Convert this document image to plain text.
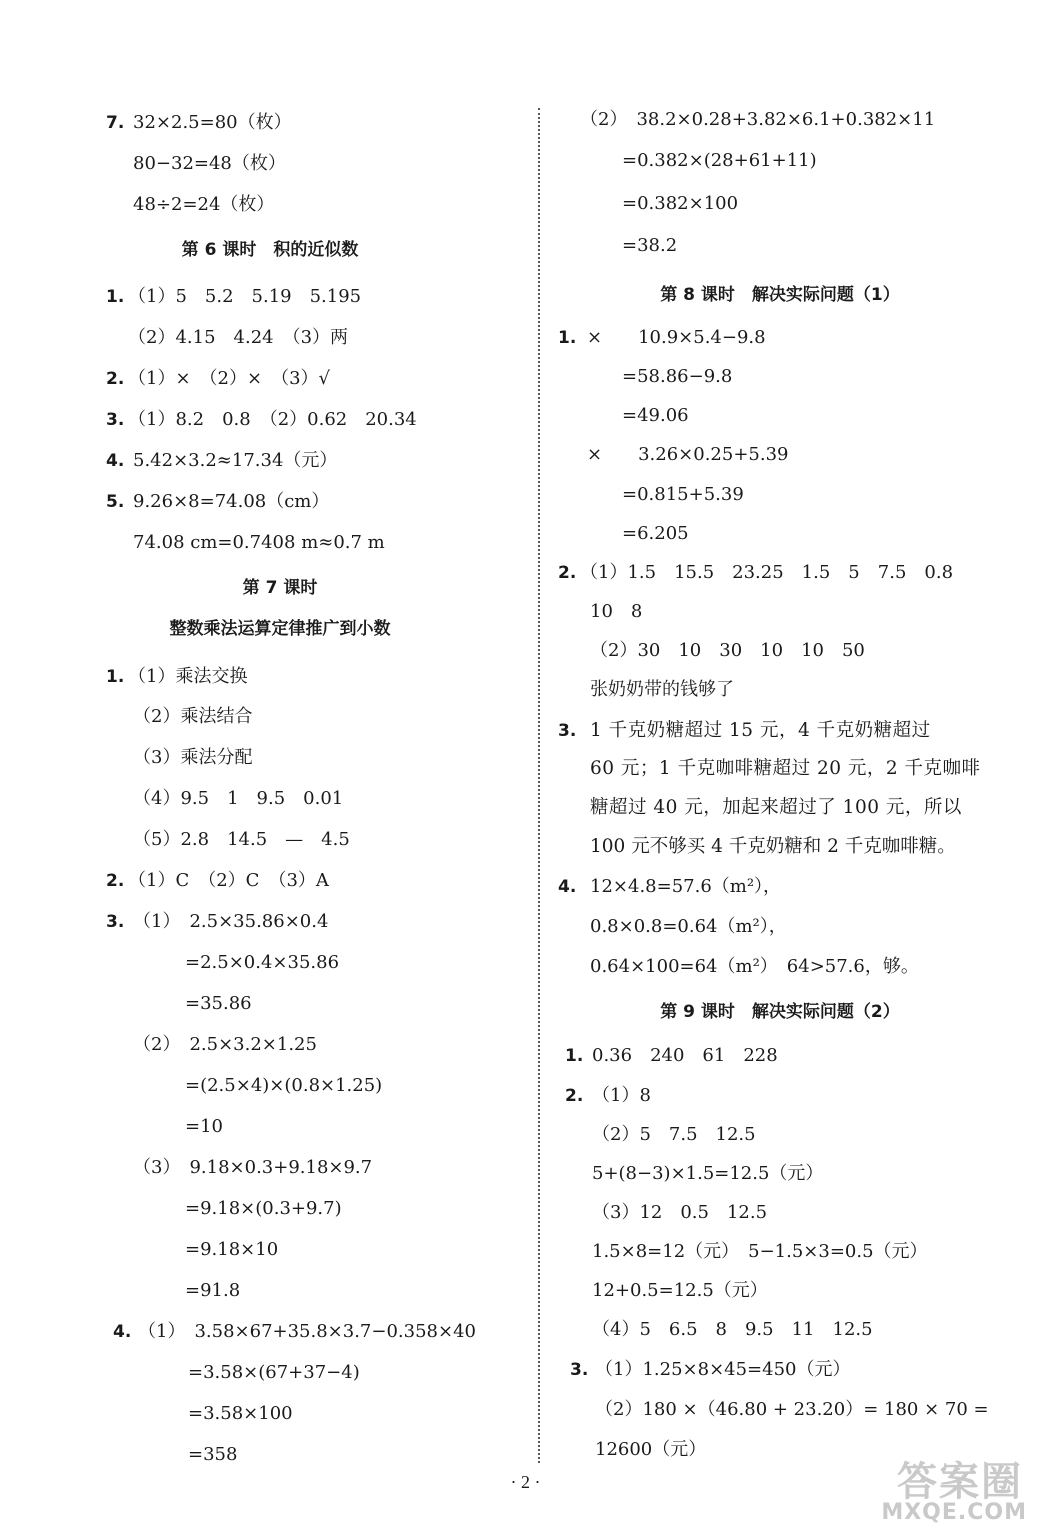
7. 32×2.5=80（枚）
80−32=48（枚）
48÷2=24（枚）
第 6 课时　积的近似数
1. （1）5　5.2　5.19　5.195
（2）4.15　4.24　（3）两
2. （1）×　（2）×　（3）√
3. （1）8.2　0.8　（2）0.62　20.34
4. 5.42×3.2≈17.34（元）
5. 9.26×8=74.08（cm）
74.08 cm=0.7408 m≈0.7 m
第 7 课时
整数乘法运算定律推广到小数
1. （1）乘法交换
（2）乘法结合
（3）乘法分配
（4）9.5　1　9.5　0.01
（5）2.8　14.5　—　4.5
2. （1）C　（2）C　（3）A
3. （1）　2.5×35.86×0.4
=2.5×0.4×35.86
=35.86
（2）　2.5×3.2×1.25
=(2.5×4)×(0.8×1.25)
=10
（3）　9.18×0.3+9.18×9.7
=9.18×(0.3+9.7)
=9.18×10
=91.8
4. （1）　3.58×67+35.8×3.7−0.358×40
=3.58×(67+37−4)
=3.58×100
=358
（2）　38.2×0.28+3.82×6.1+0.382×11
=0.382×(28+61+11)
=0.382×100
=38.2
第 8 课时　解决实际问题（1）
1. ×　　10.9×5.4−9.8
=58.86−9.8
=49.06
×　　3.26×0.25+5.39
=0.815+5.39
=6.205
2. （1）1.5　15.5　23.25　1.5　5　7.5　0.8
10　8
（2）30　10　30　10　10　50
张奶奶带的钱够了
3. 1 千克奶糖超过 15 元，4 千克奶糖超过
60 元；1 千克咖啡糖超过 20 元，2 千克咖啡
糖超过 40 元，加起来超过了 100 元，所以
100 元不够买 4 千克奶糖和 2 千克咖啡糖。
4. 12×4.8=57.6（m²），
0.8×0.8=0.64（m²），
0.64×100=64（m²）　64>57.6，够。
第 9 课时　解决实际问题（2）
1. 0.36　240　61　228
2. （1）8
（2）5　7.5　12.5
5+(8−3)×1.5=12.5（元）
（3）12　0.5　12.5
1.5×8=12（元）　5−1.5×3=0.5（元）
12+0.5=12.5（元）
（4）5　6.5　8　9.5　11　12.5
3. （1）1.25×8×45=450（元）
（2）180 ×（46.80 + 23.20）= 180 × 70 =
12600（元）
· 2 ·	答案圈
MXQE.COM
